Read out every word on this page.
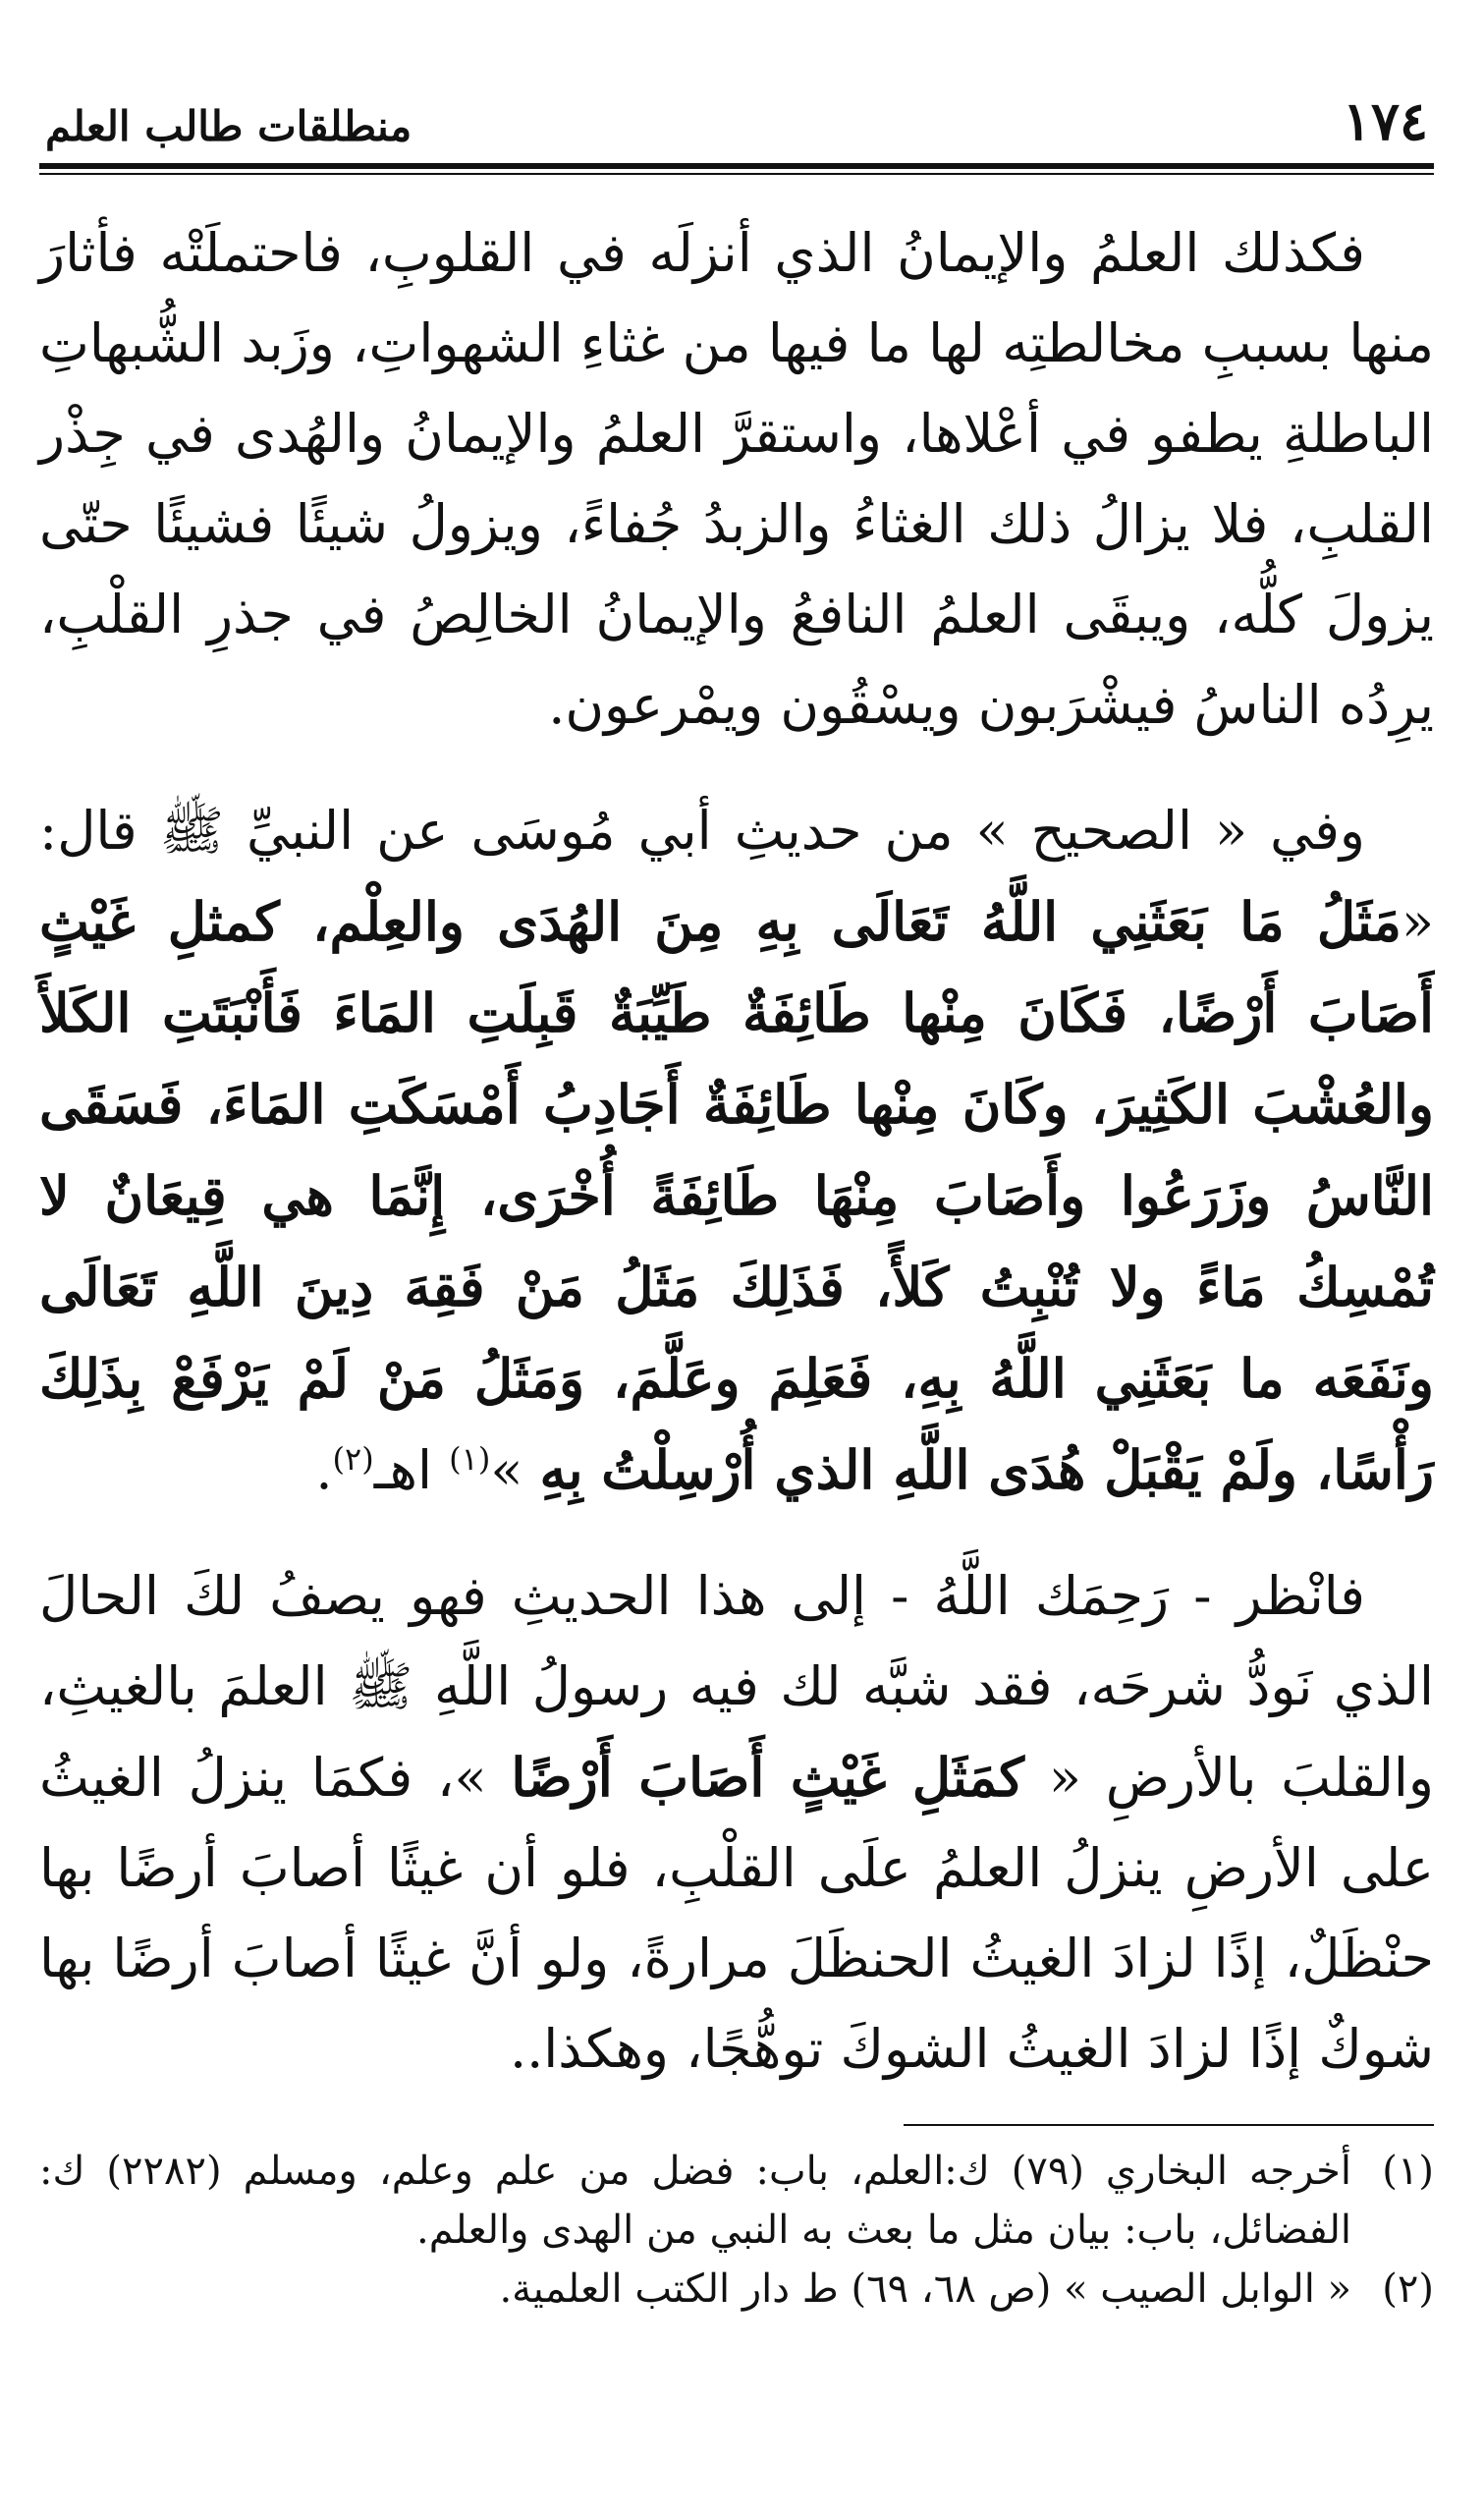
١٧٤
منطلقات طالب العلم

فكذلك العلمُ والإيمانُ الذي أنزلَه في القلوبِ، فاحتملَتْه فأثارَ منها بسببِ مخالطتِه لها ما فيها من غثاءِ الشهواتِ، وزَبد الشُّبهاتِ الباطلةِ يطفو في أعْلاها، واستقرَّ العلمُ والإيمانُ والهُدى في جِذْر القلبِ، فلا يزالُ ذلك الغثاءُ والزبدُ جُفاءً، ويزولُ شيئًا فشيئًا حتّى يزولَ كلُّه، ويبقَى العلمُ النافعُ والإيمانُ الخالِصُ في جذرِ القلْبِ، يرِدُه الناسُ فيشْرَبون ويسْقُون ويمْرعون.

وفي « الصحيح » من حديثِ أبي مُوسَى عن النبيِّ ﷺ قال: «مَثَلُ مَا بَعَثَنِي اللَّهُ تَعَالَى بِهِ مِنَ الهُدَى والعِلْم، كمثلِ غَيْثٍ أَصَابَ أَرْضًا، فَكَانَ مِنْها طَائِفَةٌ طَيِّبَةٌ قَبِلَتِ المَاءَ فَأَنْبَتَتِ الكَلأَ والعُشْبَ الكَثِيرَ، وكَانَ مِنْها طَائِفَةٌ أَجَادِبُ أَمْسَكَتِ المَاءَ، فَسَقَى النَّاسُ وزَرَعُوا وأَصَابَ مِنْهَا طَائِفَةً أُخْرَى، إِنَّمَا هي قِيعَانٌ لا تُمْسِكُ مَاءً ولا تُنْبِتُ كَلأً، فَذَلِكَ مَثَلُ مَنْ فَقِهَ دِينَ اللَّهِ تَعَالَى ونَفَعَه ما بَعَثَنِي اللَّهُ بِهِ، فَعَلِمَ وعَلَّمَ، وَمَثَلُ مَنْ لَمْ يَرْفَعْ بِذَلِكَ رَأْسًا، ولَمْ يَقْبَلْ هُدَى اللَّهِ الذي أُرْسِلْتُ بِهِ »$^{(١)}$ اهـ$^{(٢)}$.

فانْظر - رَحِمَك اللَّهُ - إلى هذا الحديثِ فهو يصفُ لكَ الحالَ الذي نَودُّ شرحَه، فقد شبَّه لك فيه رسولُ اللَّهِ ﷺ العلمَ بالغيثِ، والقلبَ بالأرضِ « كمَثَلِ غَيْثٍ أَصَابَ أَرْضًا »، فكمَا ينزلُ الغيثُ على الأرضِ ينزلُ العلمُ علَى القلْبِ، فلو أن غيثًا أصابَ أرضًا بها حنْظَلٌ، إذًا لزادَ الغيثُ الحنظَلَ مرارةً، ولو أنَّ غيثًا أصابَ أرضًا بها شوكٌ إذًا لزادَ الغيثُ الشوكَ توهُّجًا، وهكذا..

(١)
أخرجه البخاري (٧٩) ك:العلم، باب: فضل من علم وعلم، ومسلم (٢٢٨٢) ك: الفضائل، باب: بيان مثل ما بعث به النبي من الهدى والعلم.
(٢)
« الوابل الصيب » (ص ٦٨، ٦٩) ط دار الكتب العلمية.
